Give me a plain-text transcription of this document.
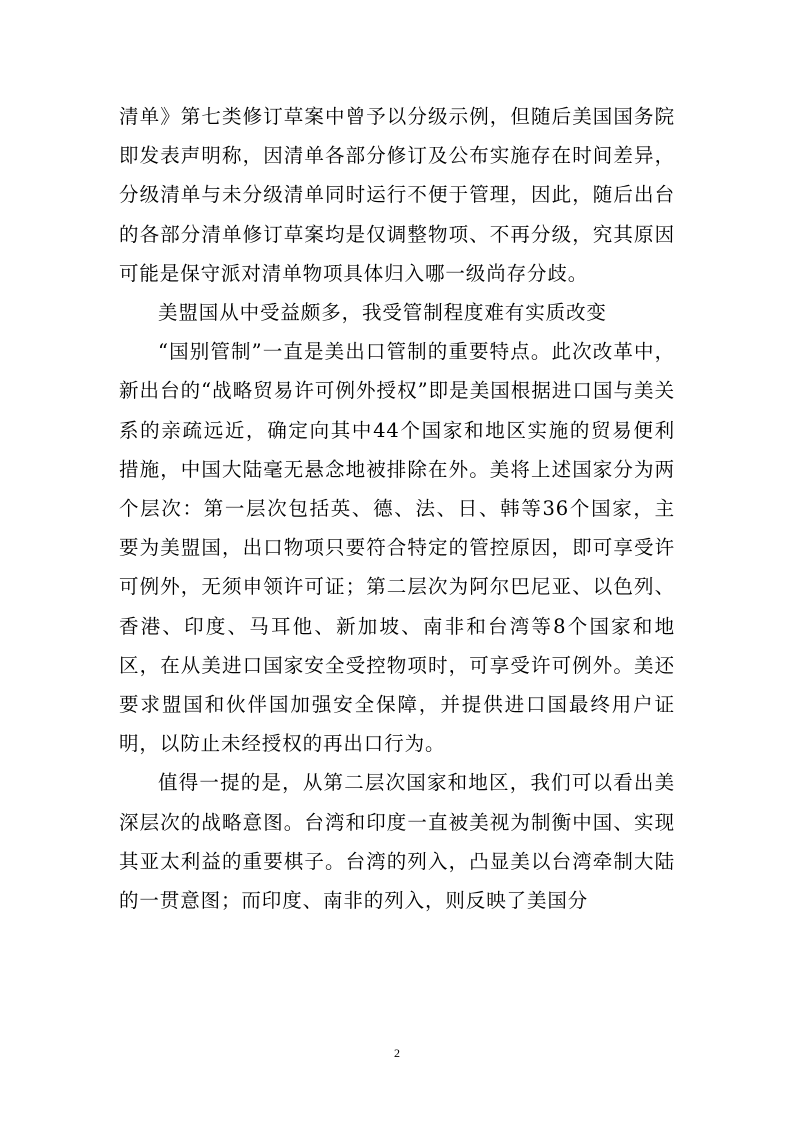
清单》第七类修订草案中曾予以分级示例，但随后美国国务院即发表声明称，因清单各部分修订及公布实施存在时间差异，分级清单与未分级清单同时运行不便于管理，因此，随后出台的各部分清单修订草案均是仅调整物项、不再分级，究其原因可能是保守派对清单物项具体归入哪一级尚存分歧。

美盟国从中受益颇多，我受管制程度难有实质改变

“国别管制”一直是美出口管制的重要特点。此次改革中，新出台的“战略贸易许可例外授权”即是美国根据进口国与美关系的亲疏远近，确定向其中44个国家和地区实施的贸易便利措施，中国大陆毫无悬念地被排除在外。美将上述国家分为两个层次：第一层次包括英、德、法、日、韩等36个国家，主要为美盟国，出口物项只要符合特定的管控原因，即可享受许可例外，无须申领许可证；第二层次为阿尔巴尼亚、以色列、香港、印度、马耳他、新加坡、南非和台湾等8个国家和地区，在从美进口国家安全受控物项时，可享受许可例外。美还要求盟国和伙伴国加强安全保障，并提供进口国最终用户证明，以防止未经授权的再出口行为。

值得一提的是，从第二层次国家和地区，我们可以看出美深层次的战略意图。台湾和印度一直被美视为制衡中国、实现其亚太利益的重要棋子。台湾的列入，凸显美以台湾牵制大陆的一贯意图；而印度、南非的列入，则反映了美国分

2
